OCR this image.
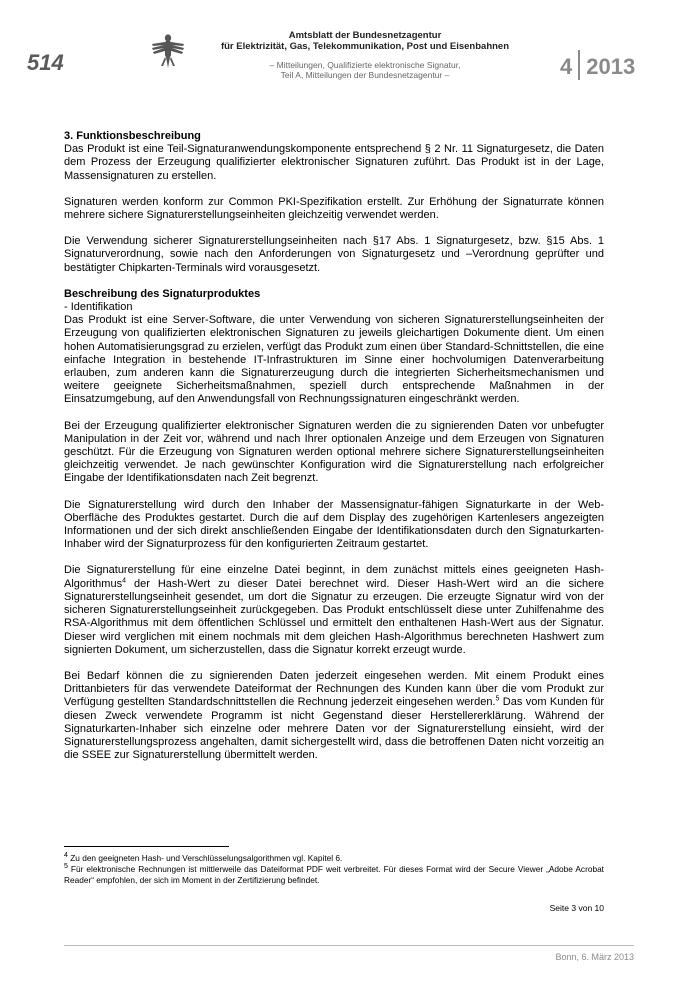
514
Amtsblatt der Bundesnetzagentur
für Elektrizität, Gas, Telekommunikation, Post und Eisenbahnen
– Mitteilungen, Qualifizierte elektronische Signatur,
Teil A, Mitteilungen der Bundesnetzagentur –	4 2013
3. Funktionsbeschreibung

Das Produkt ist eine Teil-Signaturanwendungskomponente entsprechend § 2 Nr. 11 Signaturgesetz, die Daten dem Prozess der Erzeugung qualifizierter elektronischer Signaturen zuführt. Das Produkt ist in der Lage, Massensignaturen zu erstellen.

Signaturen werden konform zur Common PKI-Spezifikation erstellt. Zur Erhöhung der Signaturrate können mehrere sichere Signaturerstellungseinheiten gleichzeitig verwendet werden.

Die Verwendung sicherer Signaturerstellungseinheiten nach §17 Abs. 1 Signaturgesetz, bzw. §15 Abs. 1 Signaturverordnung, sowie nach den Anforderungen von Signaturgesetz und –Verordnung geprüfter und bestätigter Chipkarten-Terminals wird vorausgesetzt.

Beschreibung des Signaturproduktes
- Identifikation

Das Produkt ist eine Server-Software, die unter Verwendung von sicheren Signaturerstellungseinheiten der Erzeugung von qualifizierten elektronischen Signaturen zu jeweils gleichartigen Dokumente dient. Um einen hohen Automatisierungsgrad zu erzielen, verfügt das Produkt zum einen über Standard-Schnittstellen, die eine einfache Integration in bestehende IT-Infrastrukturen im Sinne einer hochvolumigen Datenverarbeitung erlauben, zum anderen kann die Signaturerzeugung durch die integrierten Sicherheitsmechanismen und weitere geeignete Sicherheitsmaßnahmen, speziell durch entsprechende Maßnahmen in der Einsatzumgebung, auf den Anwendungsfall von Rechnungssignaturen eingeschränkt werden.

Bei der Erzeugung qualifizierter elektronischer Signaturen werden die zu signierenden Daten vor unbefugter Manipulation in der Zeit vor, während und nach Ihrer optionalen Anzeige und dem Erzeugen von Signaturen geschützt. Für die Erzeugung von Signaturen werden optional mehrere sichere Signaturerstellungseinheiten gleichzeitig verwendet. Je nach gewünschter Konfiguration wird die Signaturerstellung nach erfolgreicher Eingabe der Identifikationsdaten nach Zeit begrenzt.

Die Signaturerstellung wird durch den Inhaber der Massensignatur-fähigen Signaturkarte in der Web-Oberfläche des Produktes gestartet. Durch die auf dem Display des zugehörigen Kartenlesers angezeigten Informationen und der sich direkt anschließenden Eingabe der Identifikationsdaten durch den Signaturkarten-Inhaber wird der Signaturprozess für den konfigurierten Zeitraum gestartet.

Die Signaturerstellung für eine einzelne Datei beginnt, in dem zunächst mittels eines geeigneten Hash-Algorithmus$^4$ der Hash-Wert zu dieser Datei berechnet wird. Dieser Hash-Wert wird an die sichere Signaturerstellungseinheit gesendet, um dort die Signatur zu erzeugen. Die erzeugte Signatur wird von der sicheren Signaturerstellungseinheit zurückgegeben. Das Produkt entschlüsselt diese unter Zuhilfenahme des RSA-Algorithmus mit dem öffentlichen Schlüssel und ermittelt den enthaltenen Hash-Wert aus der Signatur. Dieser wird verglichen mit einem nochmals mit dem gleichen Hash-Algorithmus berechneten Hashwert zum signierten Dokument, um sicherzustellen, dass die Signatur korrekt erzeugt wurde.

Bei Bedarf können die zu signierenden Daten jederzeit eingesehen werden. Mit einem Produkt eines Drittanbieters für das verwendete Dateiformat der Rechnungen des Kunden kann über die vom Produkt zur Verfügung gestellten Standardschnittstellen die Rechnung jederzeit eingesehen werden.$^5$ Das vom Kunden für diesen Zweck verwendete Programm ist nicht Gegenstand dieser Herstellererklärung. Während der Signaturkarten-Inhaber sich einzelne oder mehrere Daten vor der Signaturerstellung einsieht, wird der Signaturerstellungsprozess angehalten, damit sichergestellt wird, dass die betroffenen Daten nicht vorzeitig an die SSEE zur Signaturerstellung übermittelt werden.

$^4$ Zu den geeigneten Hash- und Verschlüsselungsalgorithmen vgl. Kapitel 6.

$^5$ Für elektronische Rechnungen ist mittlerweile das Dateiformat PDF weit verbreitet. Für dieses Format wird der Secure Viewer „Adobe Acrobat Reader“ empfohlen, der sich im Moment in der Zertifizierung befindet.

Seite 3 von 10
Bonn, 6. März 2013
